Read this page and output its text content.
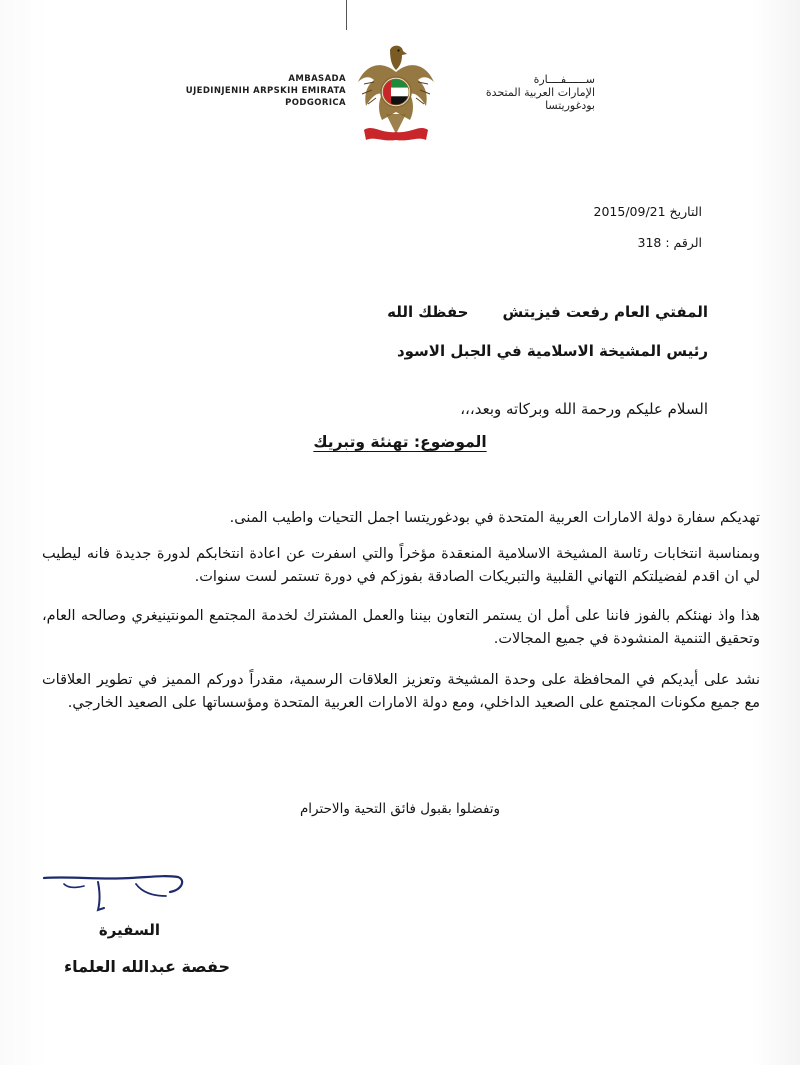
AMBASADA
UJEDINJENIH ARPSKIH EMIRATA
PODGORICA
ســــــفــــارة
الإمارات العربية المتحدة
بودغوريتسا
التاريخ 2015/09/21
الرقم : 318
المفتي العام رفعت فيزيتشحفظك الله
رئيس المشيخة الاسلامية في الجبل الاسود
السلام عليكم ورحمة الله وبركاته وبعد،،،
الموضوع: تهنئة وتبريك
تهديكم سفارة دولة الامارات العربية المتحدة في بودغوريتسا اجمل التحيات واطيب المنى.
وبمناسبة انتخابات رئاسة المشيخة الاسلامية المنعقدة مؤخراً والتي اسفرت عن اعادة انتخابكم لدورة جديدة فانه ليطيب لي ان اقدم لفضيلتكم التهاني القلبية والتبريكات الصادقة بفوزكم في دورة تستمر لست سنوات.
هذا واذ نهنئكم بالفوز فاننا على أمل ان يستمر التعاون بيننا والعمل المشترك لخدمة المجتمع المونتينيغري وصالحه العام، وتحقيق التنمية المنشودة في جميع المجالات.
نشد على أيديكم في المحافظة على وحدة المشيخة وتعزيز العلاقات الرسمية، مقدراً دوركم المميز في تطوير العلاقات مع جميع مكونات المجتمع على الصعيد الداخلي، ومع دولة الامارات العربية المتحدة ومؤسساتها على الصعيد الخارجي.
وتفضلوا بقبول فائق التحية والاحترام
السفيرة
حفصة عبدالله العلماء
